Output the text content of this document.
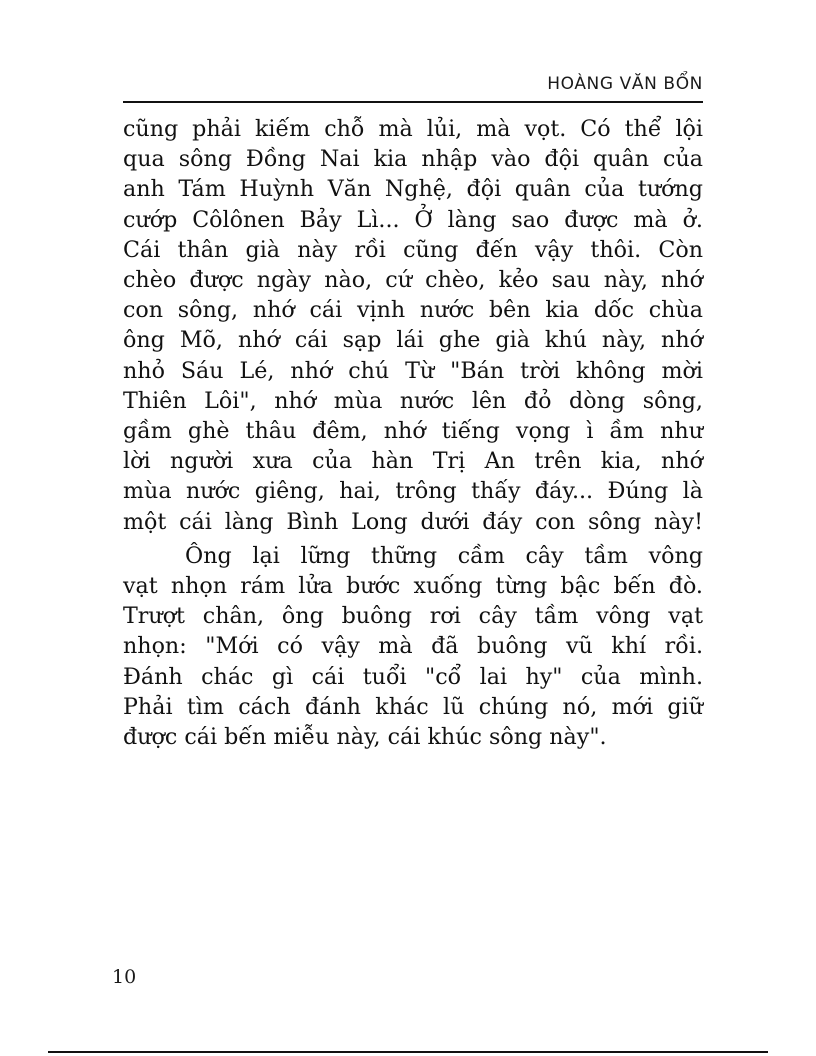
HOÀNG VĂN BỔN

cũng phải kiếm chỗ mà lủi, mà vọt. Có thể lội
qua sông Đồng Nai kia nhập vào đội quân của
anh Tám Huỳnh Văn Nghệ, đội quân của tướng
cướp Côlônen Bảy Lì... Ở làng sao được mà ở.
Cái thân già này rồi cũng đến vậy thôi. Còn
chèo được ngày nào, cứ chèo, kẻo sau này, nhớ
con sông, nhớ cái vịnh nước bên kia dốc chùa
ông Mõ, nhớ cái sạp lái ghe già khú này, nhớ
nhỏ Sáu Lé, nhớ chú Từ "Bán trời không mời
Thiên Lôi", nhớ mùa nước lên đỏ dòng sông,
gầm ghè thâu đêm, nhớ tiếng vọng ì ầm như
lời người xưa của hàn Trị An trên kia, nhớ
mùa nước giêng, hai, trông thấy đáy... Đúng là
một cái làng Bình Long dưới đáy con sông này!

Ông lại lững thững cầm cây tầm vông
vạt nhọn rám lửa bước xuống từng bậc bến đò.
Trượt chân, ông buông rơi cây tầm vông vạt
nhọn: "Mới có vậy mà đã buông vũ khí rồi.
Đánh chác gì cái tuổi "cổ lai hy" của mình.
Phải tìm cách đánh khác lũ chúng nó, mới giữ
được cái bến miễu này, cái khúc sông này".

10
